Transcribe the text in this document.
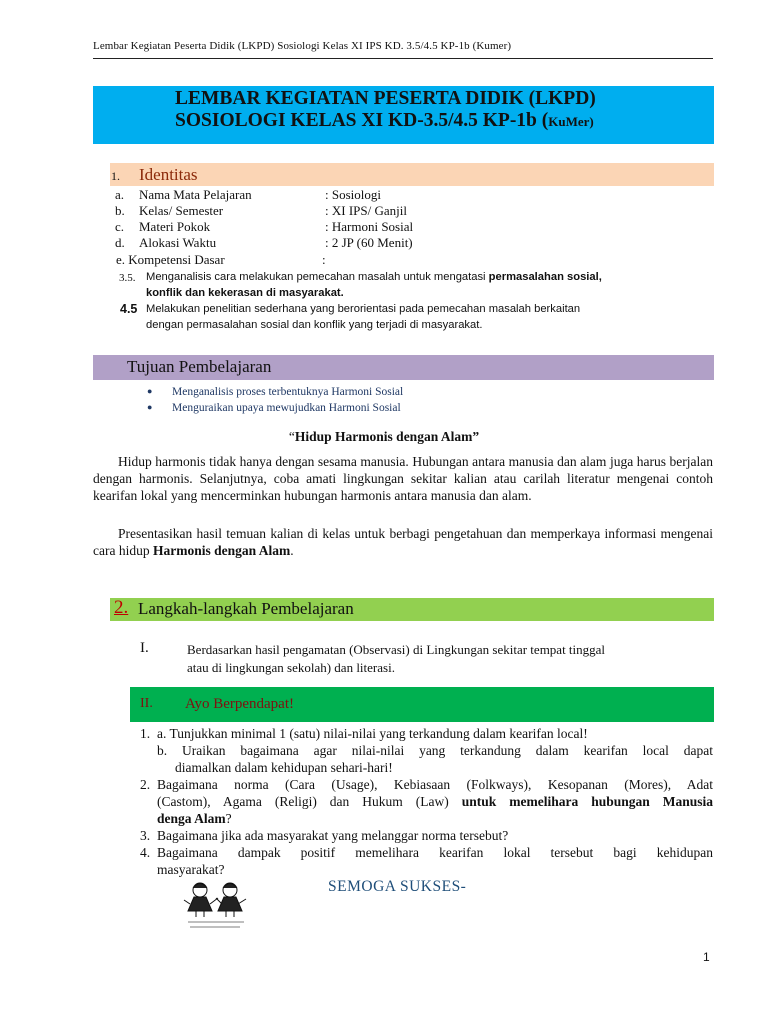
Lembar Kegiatan Peserta Didik (LKPD) Sosiologi Kelas XI IPS KD. 3.5/4.5 KP-1b (Kumer)
LEMBAR KEGIATAN PESERTA DIDIK (LKPD)
SOSIOLOGI KELAS XI KD-3.5/4.5 KP-1b (KuMer)
1. Identitas
a. Nama Mata Pelajaran	: Sosiologi
b. Kelas/ Semester	: XI IPS/ Ganjil
c. Materi Pokok	: Harmoni Sosial
d. Alokasi Waktu	: 2 JP (60 Menit)
e. Kompetensi Dasar	:
3.5. Menganalisis cara melakukan pemecahan masalah untuk mengatasi permasalahan sosial,
konflik dan kekerasan di masyarakat.
4.5 Melakukan penelitian sederhana yang berorientasi pada pemecahan masalah berkaitan
dengan permasalahan sosial dan konflik yang terjadi di masyarakat.
Tujuan Pembelajaran
● Menganalisis proses terbentuknya Harmoni Sosial
● Menguraikan upaya mewujudkan Harmoni Sosial
“Hidup Harmonis dengan Alam”
Hidup harmonis tidak hanya dengan sesama manusia. Hubungan antara manusia dan alam juga harus berjalan dengan harmonis. Selanjutnya, coba amati lingkungan sekitar kalian atau carilah literatur mengenai contoh kearifan lokal yang mencerminkan hubungan harmonis antara manusia dan alam.
Presentasikan hasil temuan kalian di kelas untuk berbagi pengetahuan dan memperkaya informasi mengenai cara hidup Harmonis dengan Alam.
2. Langkah-langkah Pembelajaran
I.	Berdasarkan hasil pengamatan (Observasi) di Lingkungan sekitar tempat tinggal
atau di lingkungan sekolah) dan literasi.
II. Ayo Berpendapat!
1. a. Tunjukkan minimal 1 (satu) nilai-nilai yang terkandung dalam kearifan local!
b. Uraikan bagaimana agar nilai-nilai yang terkandung dalam kearifan local dapat
diamalkan dalam kehidupan sehari-hari!
2. Bagaimana norma (Cara (Usage), Kebiasaan (Folkways), Kesopanan (Mores), Adat
(Castom), Agama (Religi) dan Hukum (Law) untuk memelihara hubungan Manusia
denga Alam?
3. Bagaimana jika ada masyarakat yang melanggar norma tersebut?
4. Bagaimana dampak positif memelihara kearifan lokal tersebut bagi kehidupan
masyarakat?
SEMOGA SUKSES-
1
